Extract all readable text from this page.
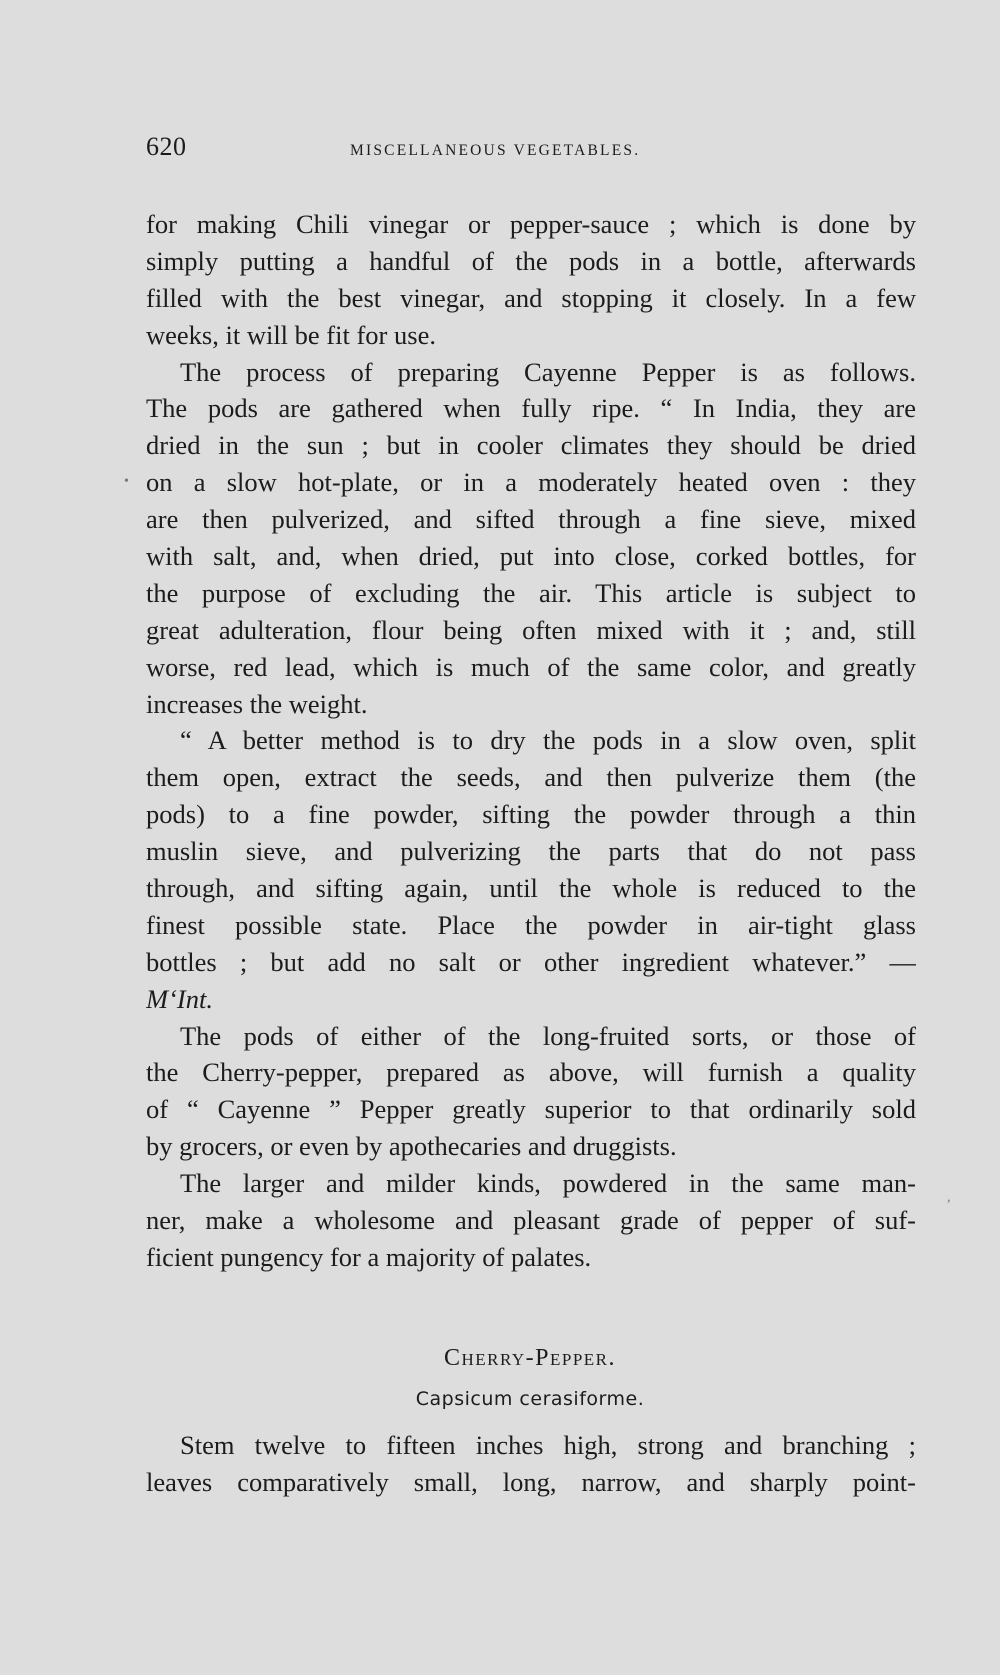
620	MISCELLANEOUS VEGETABLES.
for making Chili vinegar or pepper-sauce ; which is done by
simply putting a handful of the pods in a bottle, afterwards
filled with the best vinegar, and stopping it closely. In a few
weeks, it will be fit for use.
The process of preparing Cayenne Pepper is as follows.
The pods are gathered when fully ripe. “ In India, they are
dried in the sun ; but in cooler climates they should be dried
on a slow hot-plate, or in a moderately heated oven : they
are then pulverized, and sifted through a fine sieve, mixed
with salt, and, when dried, put into close, corked bottles, for
the purpose of excluding the air. This article is subject to
great adulteration, flour being often mixed with it ; and, still
worse, red lead, which is much of the same color, and greatly
increases the weight.
“ A better method is to dry the pods in a slow oven, split
them open, extract the seeds, and then pulverize them (the
pods) to a fine powder, sifting the powder through a thin
muslin sieve, and pulverizing the parts that do not pass
through, and sifting again, until the whole is reduced to the
finest possible state. Place the powder in air-tight glass
bottles ; but add no salt or other ingredient whatever.” —
M‘Int.
The pods of either of the long-fruited sorts, or those of
the Cherry-pepper, prepared as above, will furnish a quality
of “ Cayenne ” Pepper greatly superior to that ordinarily sold
by grocers, or even by apothecaries and druggists.
The larger and milder kinds, powdered in the same man-
ner, make a wholesome and pleasant grade of pepper of suf-
ficient pungency for a majority of palates.
Cherry-Pepper.
Capsicum cerasiforme.
Stem twelve to fifteen inches high, strong and branching ;
leaves comparatively small, long, narrow, and sharply point-
•
,
